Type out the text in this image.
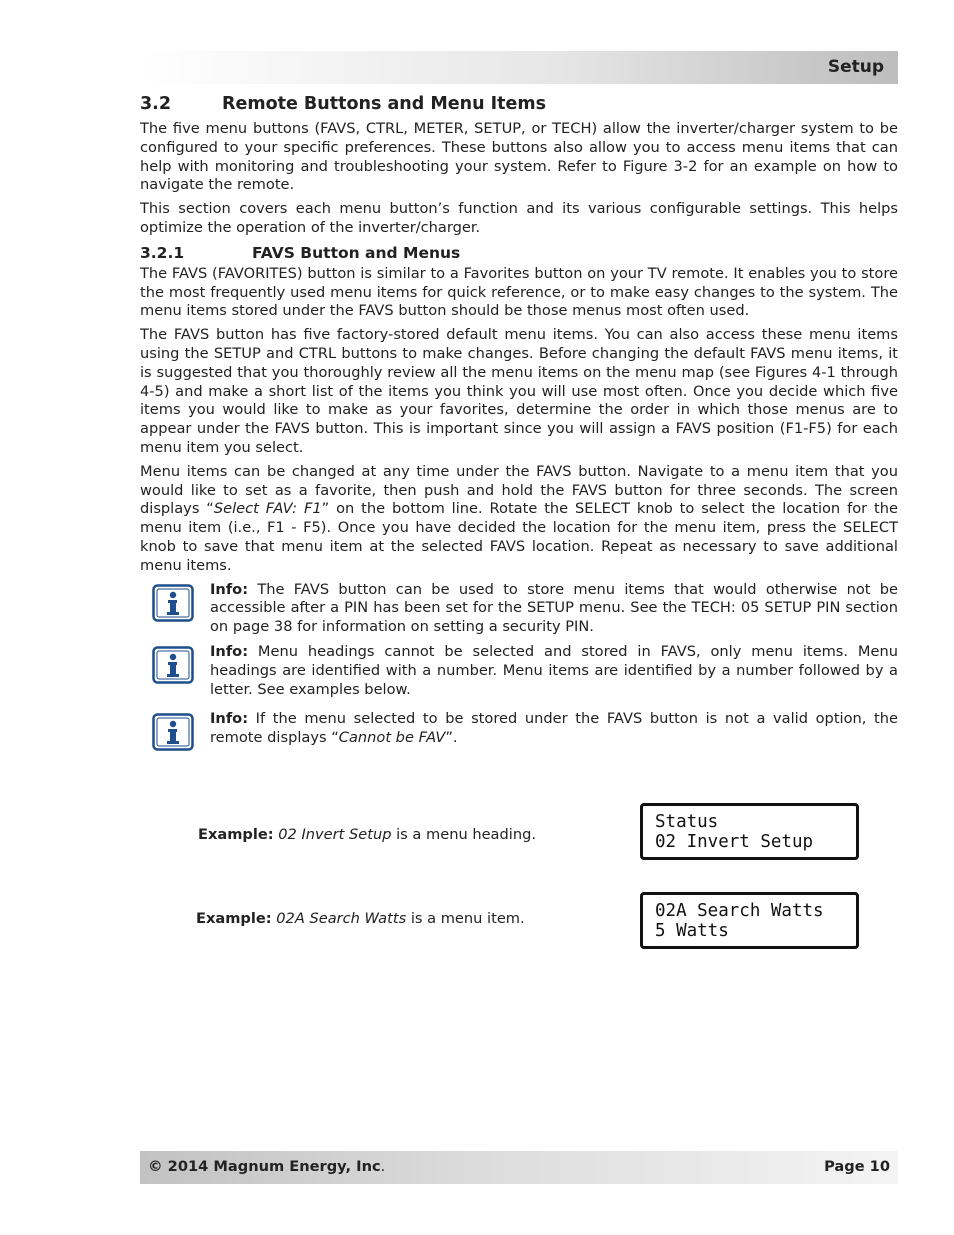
Setup
3.2	Remote Buttons and Menu Items

The five menu buttons (FAVS, CTRL, METER, SETUP, or TECH) allow the inverter/charger system to be configured to your specific preferences. These buttons also allow you to access menu items that can help with monitoring and troubleshooting your system. Refer to Figure 3-2 for an example on how to navigate the remote.

This section covers each menu button’s function and its various configurable settings. This helps optimize the operation of the inverter/charger.

3.2.1	FAVS Button and Menus

The FAVS (FAVORITES) button is similar to a Favorites button on your TV remote. It enables you to store the most frequently used menu items for quick reference, or to make easy changes to the system. The menu items stored under the FAVS button should be those menus most often used.

The FAVS button has five factory-stored default menu items. You can also access these menu items using the SETUP and CTRL buttons to make changes. Before changing the default FAVS menu items, it is suggested that you thoroughly review all the menu items on the menu map (see Figures 4-1 through 4-5) and make a short list of the items you think you will use most often. Once you decide which five items you would like to make as your favorites, determine the order in which those menus are to appear under the FAVS button. This is important since you will assign a FAVS position (F1-F5) for each menu item you select.

Menu items can be changed at any time under the FAVS button. Navigate to a menu item that you would like to set as a favorite, then push and hold the FAVS button for three seconds. The screen displays “Select FAV: F1” on the bottom line. Rotate the SELECT knob to select the location for the menu item (i.e., F1 - F5). Once you have decided the location for the menu item, press the SELECT knob to save that menu item at the selected FAVS location. Repeat as necessary to save additional menu items.

Info: The FAVS button can be used to store menu items that would otherwise not be accessible after a PIN has been set for the SETUP menu. See the TECH: 05 SETUP PIN section on page 38 for information on setting a security PIN.

Info: Menu headings cannot be selected and stored in FAVS, only menu items. Menu headings are identified with a number. Menu items are identified by a number followed by a letter. See examples below.

Info: If the menu selected to be stored under the FAVS button is not a valid option, the remote displays “Cannot be FAV”.

Example: 02 Invert Setup is a menu heading.
Status
02 Invert Setup
Example: 02A Search Watts is a menu item.	02A Search Watts
5 Watts
© 2014 Magnum Energy, Inc.	Page 10
